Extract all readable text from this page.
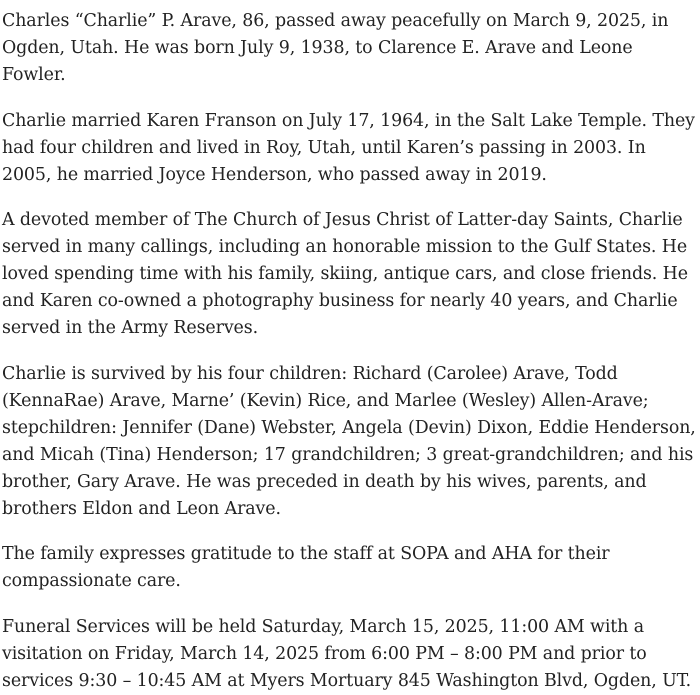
Charles “Charlie” P. Arave, 86, passed away peacefully on March 9, 2025, in Ogden, Utah. He was born July 9, 1938, to Clarence E. Arave and Leone Fowler.

Charlie married Karen Franson on July 17, 1964, in the Salt Lake Temple. They had four children and lived in Roy, Utah, until Karen’s passing in 2003. In 2005, he married Joyce Henderson, who passed away in 2019.

A devoted member of The Church of Jesus Christ of Latter-day Saints, Charlie served in many callings, including an honorable mission to the Gulf States. He loved spending time with his family, skiing, antique cars, and close friends. He and Karen co-owned a photography business for nearly 40 years, and Charlie served in the Army Reserves.

Charlie is survived by his four children: Richard (Carolee) Arave, Todd (KennaRae) Arave, Marne’ (Kevin) Rice, and Marlee (Wesley) Allen-Arave; stepchildren: Jennifer (Dane) Webster, Angela (Devin) Dixon, Eddie Henderson, and Micah (Tina) Henderson; 17 grandchildren; 3 great-grandchildren; and his brother, Gary Arave. He was preceded in death by his wives, parents, and brothers Eldon and Leon Arave.

The family expresses gratitude to the staff at SOPA and AHA for their compassionate care.

Funeral Services will be held Saturday, March 15, 2025, 11:00 AM with a visitation on Friday, March 14, 2025 from 6:00 PM – 8:00 PM and prior to services 9:30 – 10:45 AM at Myers Mortuary 845 Washington Blvd, Ogden, UT.
